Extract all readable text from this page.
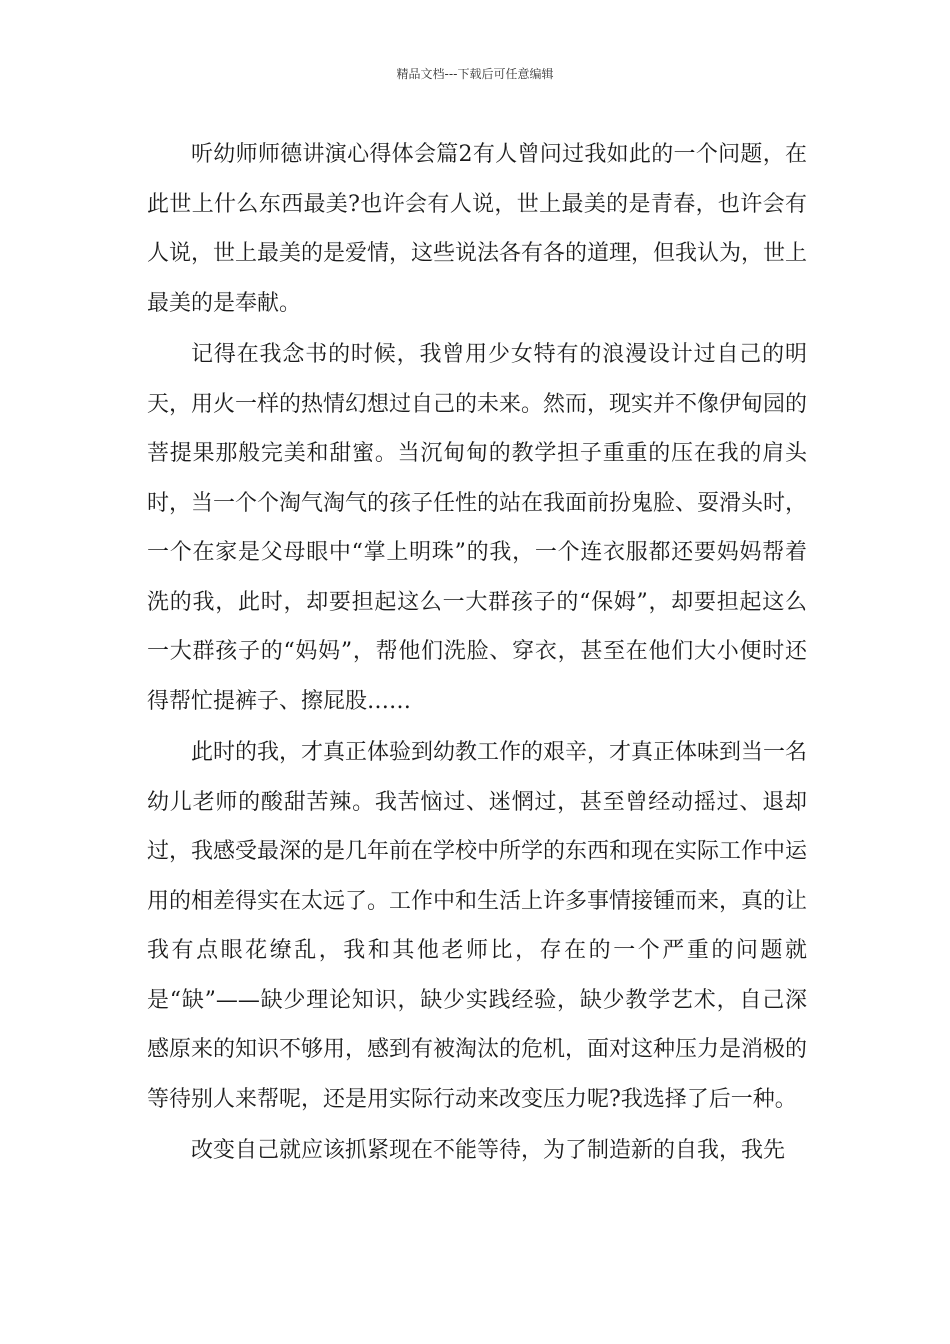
精品文档---下载后可任意编辑

听幼师师德讲演心得体会篇2有人曾问过我如此的一个问题，在此世上什么东西最美?也许会有人说，世上最美的是青春，也许会有人说，世上最美的是爱情，这些说法各有各的道理，但我认为，世上最美的是奉献。

记得在我念书的时候，我曾用少女特有的浪漫设计过自己的明天，用火一样的热情幻想过自己的未来。然而，现实并不像伊甸园的菩提果那般完美和甜蜜。当沉甸甸的教学担子重重的压在我的肩头时，当一个个淘气淘气的孩子任性的站在我面前扮鬼脸、耍滑头时，一个在家是父母眼中“掌上明珠”的我，一个连衣服都还要妈妈帮着洗的我，此时，却要担起这么一大群孩子的“保姆”，却要担起这么一大群孩子的“妈妈”，帮他们洗脸、穿衣，甚至在他们大小便时还得帮忙提裤子、擦屁股……

此时的我，才真正体验到幼教工作的艰辛，才真正体味到当一名幼儿老师的酸甜苦辣。我苦恼过、迷惘过，甚至曾经动摇过、退却过，我感受最深的是几年前在学校中所学的东西和现在实际工作中运用的相差得实在太远了。工作中和生活上许多事情接锺而来，真的让我有点眼花缭乱，我和其他老师比，存在的一个严重的问题就是“缺”——缺少理论知识，缺少实践经验，缺少教学艺术，自己深感原来的知识不够用，感到有被淘汰的危机，面对这种压力是消极的等待别人来帮呢，还是用实际行动来改变压力呢?我选择了后一种。

改变自己就应该抓紧现在不能等待，为了制造新的自我，我先
